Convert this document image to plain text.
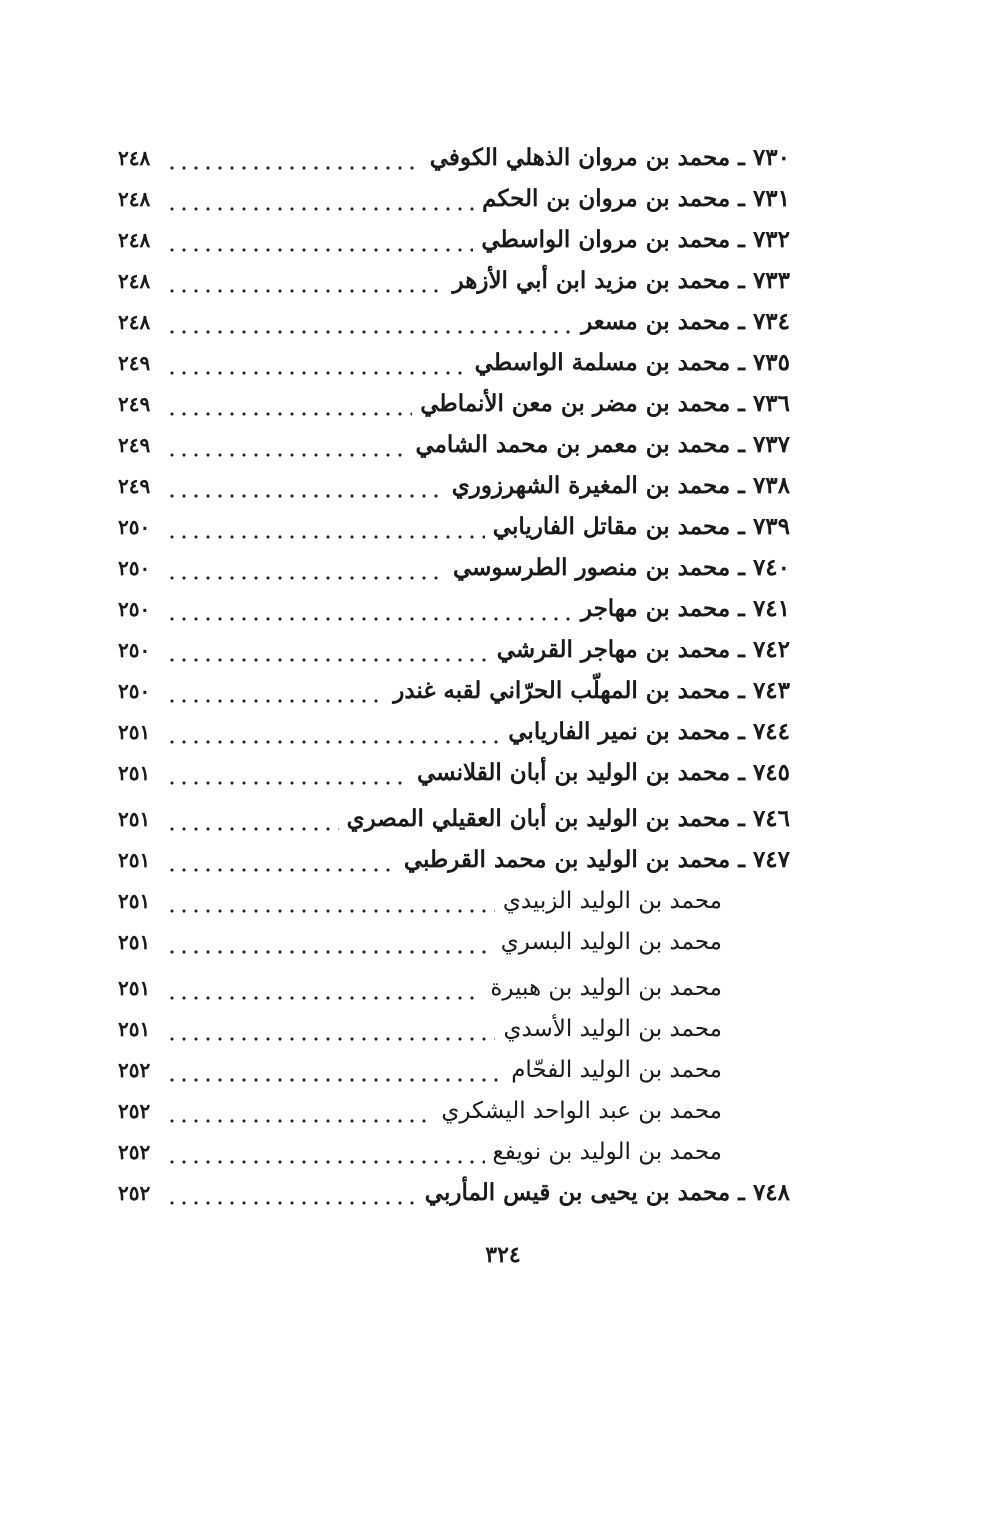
٧٣٠ ـ محمد بن مروان الذهلي الكوفي
٢٤٨
٧٣١ ـ محمد بن مروان بن الحكم
٢٤٨
٧٣٢ ـ محمد بن مروان الواسطي
٢٤٨
٧٣٣ ـ محمد بن مزيد ابن أبي الأزهر
٢٤٨
٧٣٤ ـ محمد بن مسعر
٢٤٨
٧٣٥ ـ محمد بن مسلمة الواسطي
٢٤٩
٧٣٦ ـ محمد بن مضر بن معن الأنماطي
٢٤٩
٧٣٧ ـ محمد بن معمر بن محمد الشامي
٢٤٩
٧٣٨ ـ محمد بن المغيرة الشهرزوري
٢٤٩
٧٣٩ ـ محمد بن مقاتل الفاريابي
٢٥٠
٧٤٠ ـ محمد بن منصور الطرسوسي
٢٥٠
٧٤١ ـ محمد بن مهاجر
٢٥٠
٧٤٢ ـ محمد بن مهاجر القرشي
٢٥٠
٧٤٣ ـ محمد بن المهلّب الحرّاني لقبه غندر
٢٥٠
٧٤٤ ـ محمد بن نمير الفاريابي
٢٥١
٧٤٥ ـ محمد بن الوليد بن أبان القلانسي
٢٥١
٧٤٦ ـ محمد بن الوليد بن أبان العقيلي المصري
٢٥١
٧٤٧ ـ محمد بن الوليد بن محمد القرطبي
٢٥١
محمد بن الوليد الزبيدي
٢٥١
محمد بن الوليد البسري
٢٥١
محمد بن الوليد بن هبيرة
٢٥١
محمد بن الوليد الأسدي
٢٥١
محمد بن الوليد الفحّام
٢٥٢
محمد بن عبد الواحد اليشكري
٢٥٢
محمد بن الوليد بن نويفع
٢٥٢
٧٤٨ ـ محمد بن يحيى بن قيس المأربي
٢٥٢
٣٢٤
